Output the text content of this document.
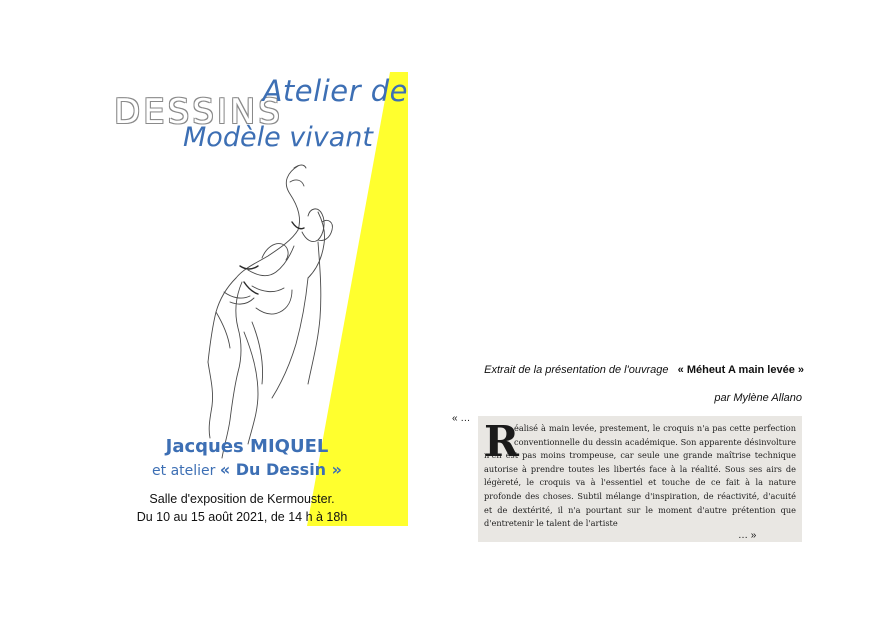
DESSINS
Atelier de
Modèle vivant
Jacques MIQUEL
et atelier « Du Dessin »
Salle d'exposition de Kermouster.
Du 10 au 15 août 2021, de 14 h à 18h
Extrait de la présentation de l'ouvrage « Méheut A main levée »
par Mylène Allano
« … R
éalisé à main levée, prestement, le croquis n'a pas cette perfection conventionnelle du dessin académique. Son apparente désinvolture n'en est pas moins trompeuse, car seule une grande maîtrise technique autorise à prendre toutes les libertés face à la réalité. Sous ses airs de légèreté, le croquis va à l'essentiel et touche de ce fait à la nature profonde des choses. Subtil mélange d'inspiration, de réactivité, d'acuité et de dextérité, il n'a pourtant sur le moment d'autre prétention que d'entretenir le talent de l'artiste
… »
